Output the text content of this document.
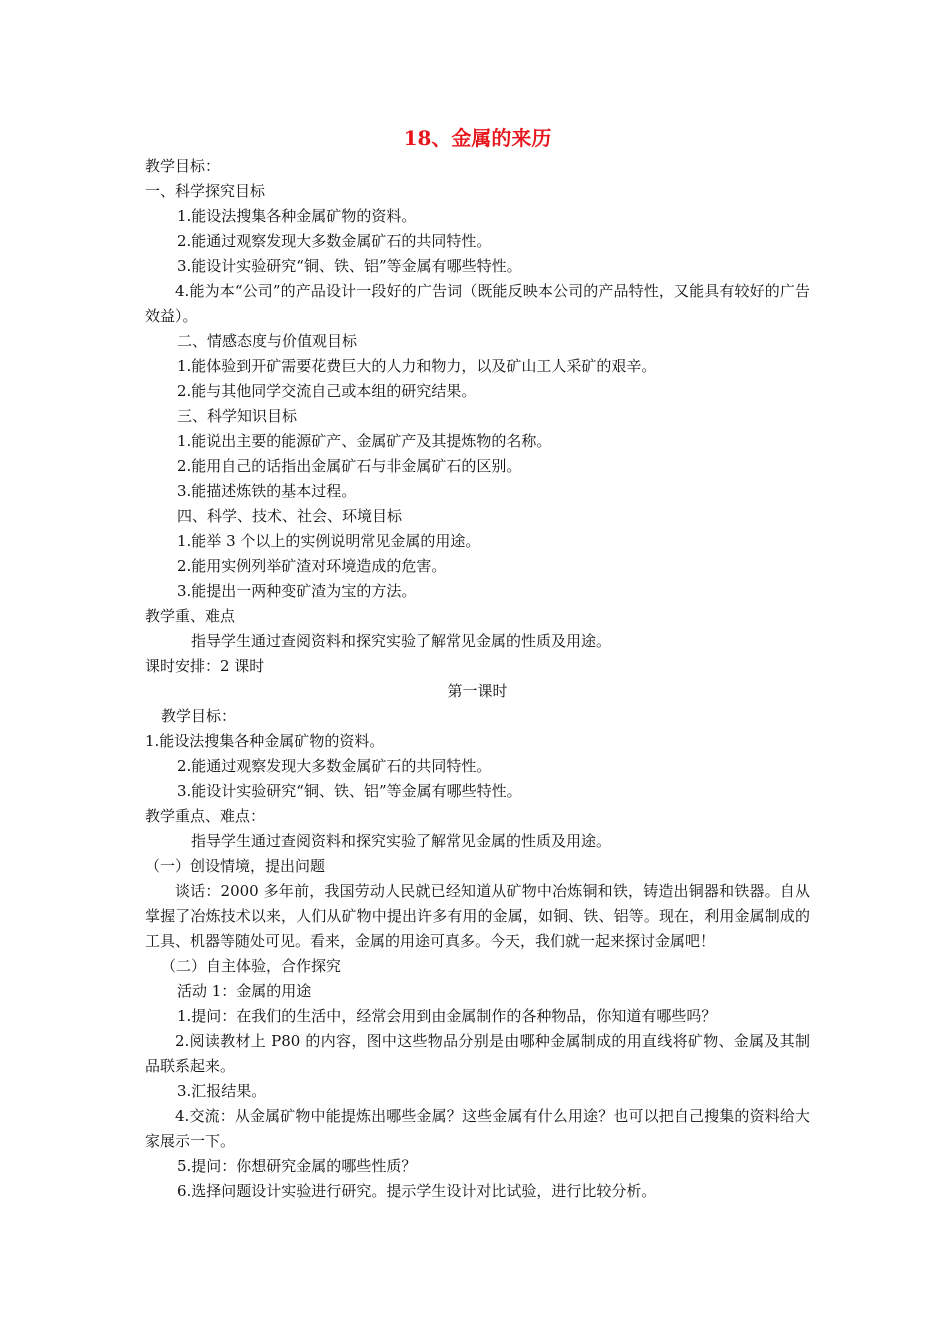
18、金属的来历

教学目标：

一、科学探究目标

1.能设法搜集各种金属矿物的资料。

2.能通过观察发现大多数金属矿石的共同特性。

3.能设计实验研究“铜、铁、铝”等金属有哪些特性。

4.能为本“公司”的产品设计一段好的广告词（既能反映本公司的产品特性，又能具有较好的广告效益）。

二、情感态度与价值观目标

1.能体验到开矿需要花费巨大的人力和物力，以及矿山工人采矿的艰辛。

2.能与其他同学交流自己或本组的研究结果。

三、科学知识目标

1.能说出主要的能源矿产、金属矿产及其提炼物的名称。

2.能用自己的话指出金属矿石与非金属矿石的区别。

3.能描述炼铁的基本过程。

四、科学、技术、社会、环境目标

1.能举 3 个以上的实例说明常见金属的用途。

2.能用实例列举矿渣对环境造成的危害。

3.能提出一两种变矿渣为宝的方法。

教学重、难点

指导学生通过查阅资料和探究实验了解常见金属的性质及用途。

课时安排：2 课时

第一课时

教学目标：

1.能设法搜集各种金属矿物的资料。

2.能通过观察发现大多数金属矿石的共同特性。

3.能设计实验研究“铜、铁、铝”等金属有哪些特性。

教学重点、难点：

指导学生通过查阅资料和探究实验了解常见金属的性质及用途。

（一）创设情境，提出问题

谈话：2000 多年前，我国劳动人民就已经知道从矿物中冶炼铜和铁，铸造出铜器和铁器。自从掌握了冶炼技术以来，人们从矿物中提出许多有用的金属，如铜、铁、铝等。现在，利用金属制成的工具、机器等随处可见。看来，金属的用途可真多。今天，我们就一起来探讨金属吧！

（二）自主体验，合作探究

活动 1：金属的用途

1.提问：在我们的生活中，经常会用到由金属制作的各种物品，你知道有哪些吗？

2.阅读教材上 P80 的内容，图中这些物品分别是由哪种金属制成的用直线将矿物、金属及其制品联系起来。

3.汇报结果。

4.交流：从金属矿物中能提炼出哪些金属？这些金属有什么用途？也可以把自己搜集的资料给大家展示一下。

5.提问：你想研究金属的哪些性质？

6.选择问题设计实验进行研究。提示学生设计对比试验，进行比较分析。
